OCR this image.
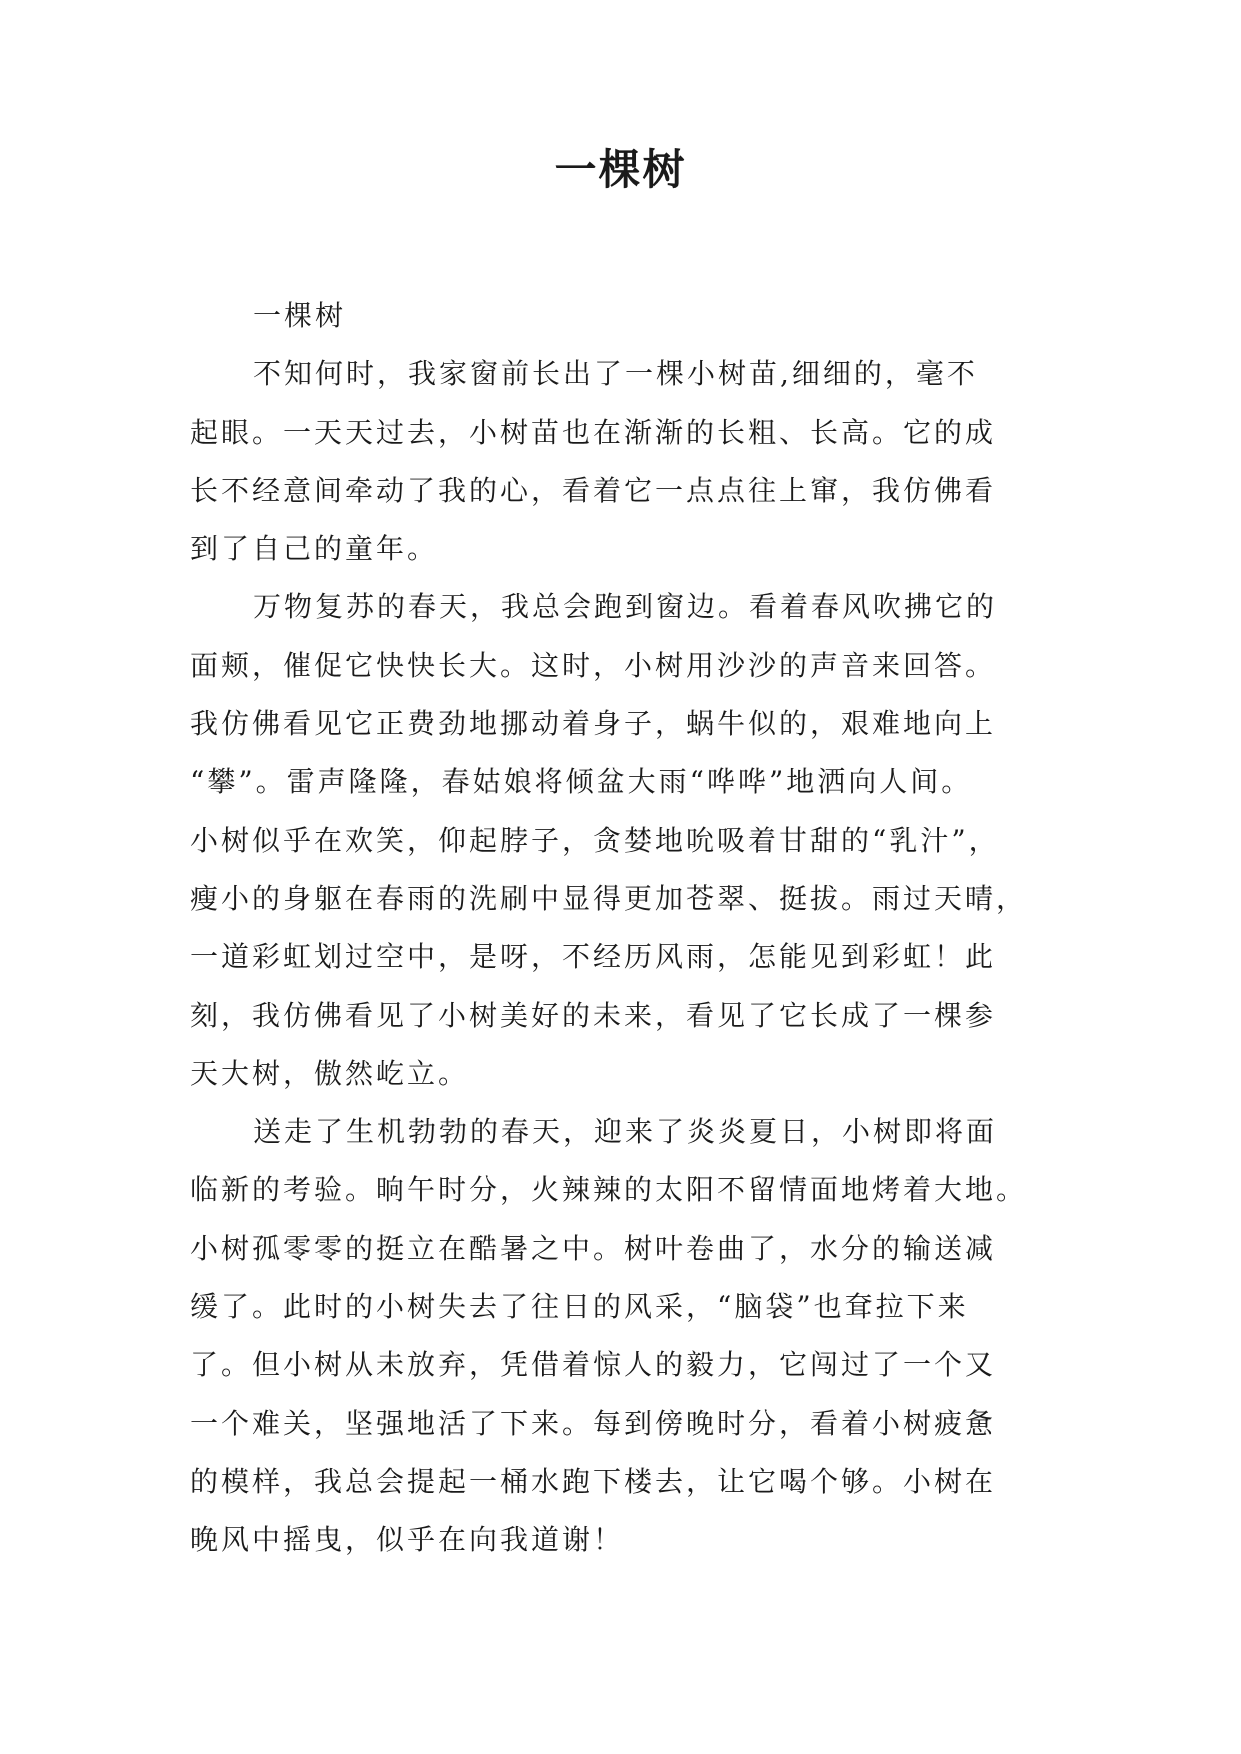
一棵树
一棵树
不知何时，我家窗前长出了一棵小树苗,细细的，毫不
起眼。一天天过去，小树苗也在渐渐的长粗、长高。它的成
长不经意间牵动了我的心，看着它一点点往上窜，我仿佛看
到了自己的童年。
万物复苏的春天，我总会跑到窗边。看着春风吹拂它的
面颊，催促它快快长大。这时，小树用沙沙的声音来回答。
我仿佛看见它正费劲地挪动着身子，蜗牛似的，艰难地向上
“攀”。雷声隆隆，春姑娘将倾盆大雨“哗哗”地洒向人间。
小树似乎在欢笑，仰起脖子，贪婪地吮吸着甘甜的“乳汁”，
瘦小的身躯在春雨的洗刷中显得更加苍翠、挺拔。雨过天晴，
一道彩虹划过空中，是呀，不经历风雨，怎能见到彩虹！此
刻，我仿佛看见了小树美好的未来，看见了它长成了一棵参
天大树，傲然屹立。
送走了生机勃勃的春天，迎来了炎炎夏日，小树即将面
临新的考验。晌午时分，火辣辣的太阳不留情面地烤着大地。
小树孤零零的挺立在酷暑之中。树叶卷曲了，水分的输送减
缓了。此时的小树失去了往日的风采，“脑袋”也耷拉下来
了。但小树从未放弃，凭借着惊人的毅力，它闯过了一个又
一个难关，坚强地活了下来。每到傍晚时分，看着小树疲惫
的模样，我总会提起一桶水跑下楼去，让它喝个够。小树在
晚风中摇曳，似乎在向我道谢！
